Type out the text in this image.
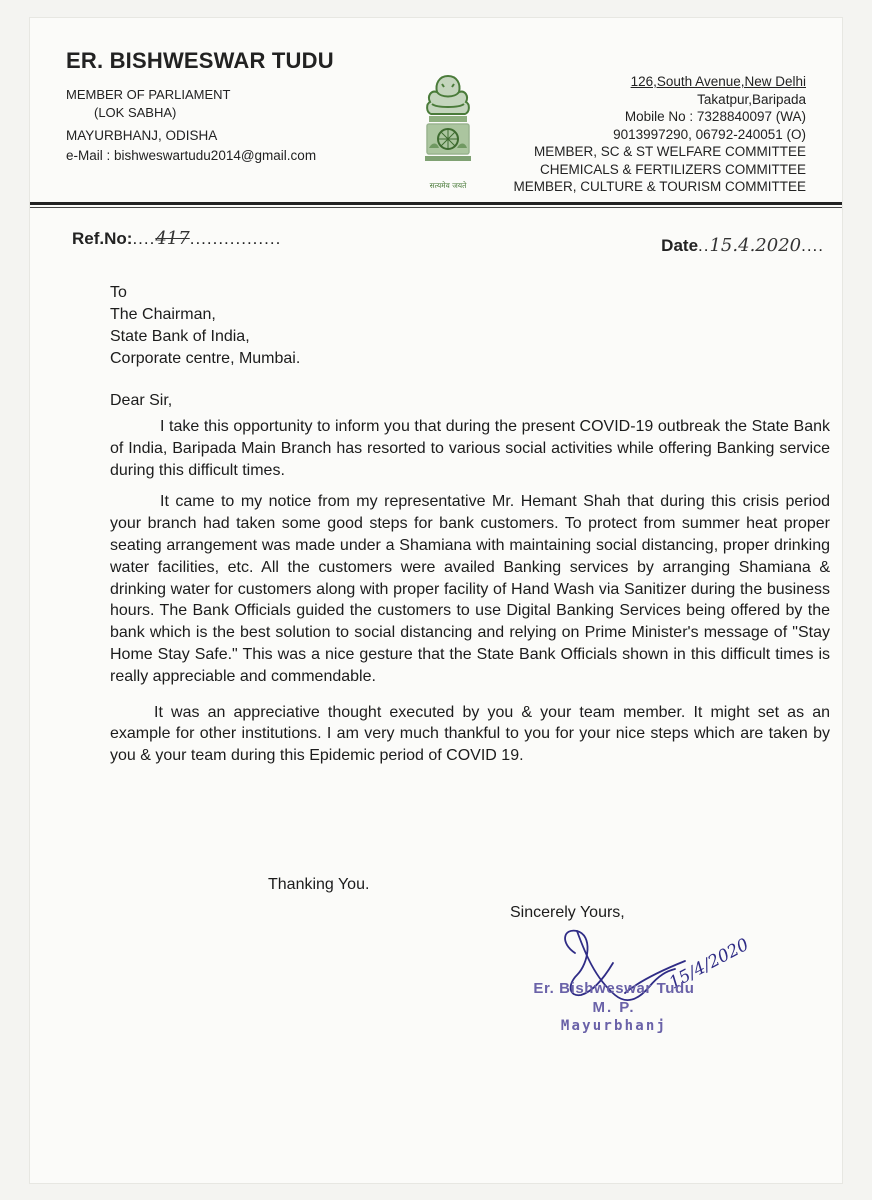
ER. BISHWESWAR TUDU
MEMBER OF PARLIAMENT
(LOK SABHA)
MAYURBHANJ, ODISHA
e-Mail : bishweswartudu2014@gmail.com
सत्यमेव जयते
126,South Avenue,New Delhi
Takatpur,Baripada
Mobile No : 7328840097 (WA)
9013997290, 06792-240051 (O)
MEMBER, SC & ST WELFARE COMMITTEE
CHEMICALS & FERTILIZERS COMMITTEE
MEMBER, CULTURE & TOURISM COMMITTEE
Ref.No:....417................	Date..15.4.2020....
To
The Chairman,
State Bank of India,
Corporate centre, Mumbai.
Dear Sir,

I take this opportunity to inform you that during the present COVID-19 outbreak the State Bank of India, Baripada Main Branch has resorted to various social activities while offering Banking service during this difficult times.

It came to my notice from my representative Mr. Hemant Shah that during this crisis period your branch had taken some good steps for bank customers. To protect from summer heat proper seating arrangement was made under a Shamiana with maintaining social distancing, proper drinking water facilities, etc. All the customers were availed Banking services by arranging Shamiana & drinking water for customers along with proper facility of Hand Wash via Sanitizer during the business hours. The Bank Officials guided the customers to use Digital Banking Services being offered by the bank which is the best solution to social distancing and relying on Prime Minister's message of "Stay Home Stay Safe." This was a nice gesture that the State Bank Officials shown in this difficult times is really appreciable and commendable.

It was an appreciative thought executed by you & your team member. It might set as an example for other institutions. I am very much thankful to you for your nice steps which are taken by you & your team during this Epidemic period of COVID 19.

Thanking You.
Sincerely Yours,
15/4/2020
Er. Bishweswar Tudu
M. P.
Mayurbhanj
